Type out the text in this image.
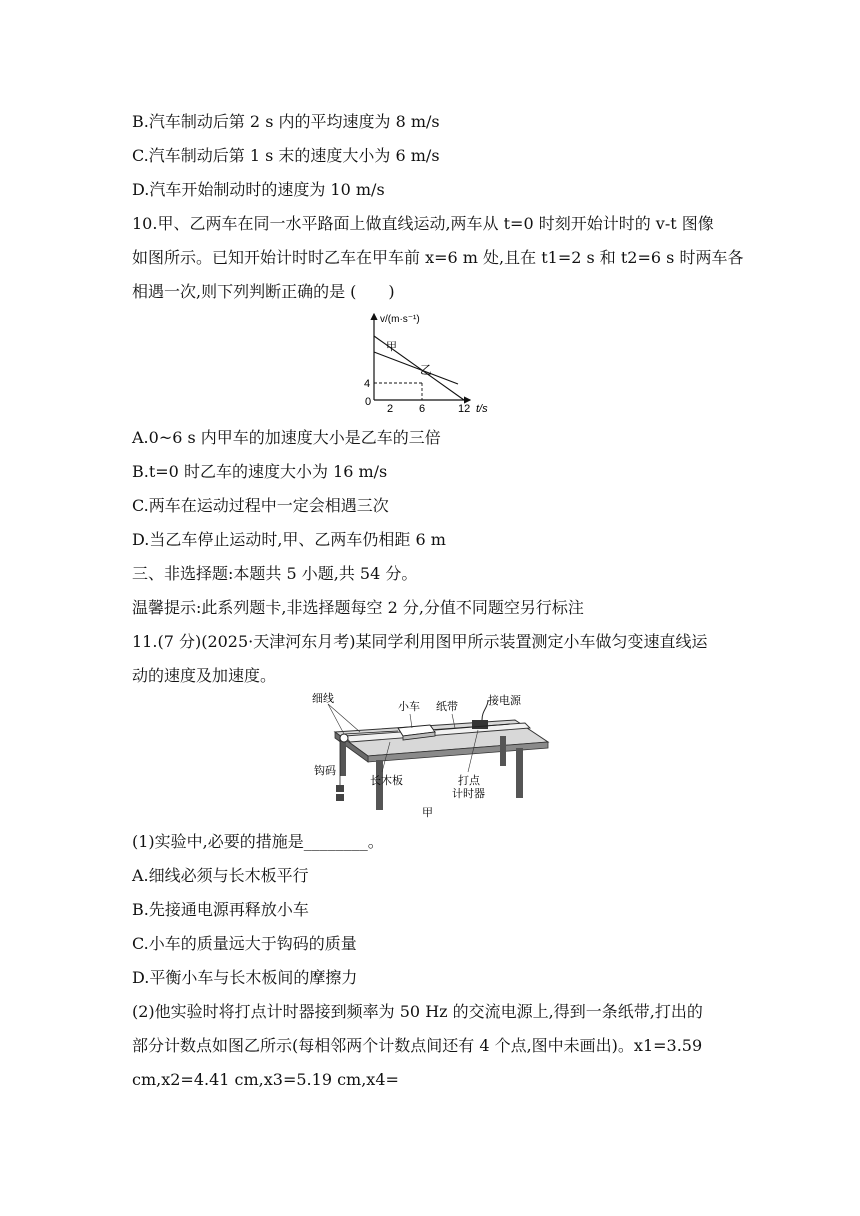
B.汽车制动后第 2 s 内的平均速度为 8 m/s
C.汽车制动后第 1 s 末的速度大小为 6 m/s
D.汽车开始制动时的速度为 10 m/s
10.甲、乙两车在同一水平路面上做直线运动,两车从 t=0 时刻开始计时的 v-t 图像
如图所示。已知开始计时时乙车在甲车前 x=6 m 处,且在 t1=2 s 和 t2=6 s 时两车各
相遇一次,则下列判断正确的是 (　　)
v/(m·s⁻¹)
t/s
0
2 6	12
4
甲
乙
A.0~6 s 内甲车的加速度大小是乙车的三倍
B.t=0 时乙车的速度大小为 16 m/s
C.两车在运动过程中一定会相遇三次
D.当乙车停止运动时,甲、乙两车仍相距 6 m
三、非选择题:本题共 5 小题,共 54 分。
温馨提示:此系列题卡,非选择题每空 2 分,分值不同题空另行标注
11.(7 分)(2025·天津河东月考)某同学利用图甲所示装置测定小车做匀变速直线运
动的速度及加速度。
细线
小车 纸带	接电源
钩码
长木板	打点
计时器
甲
(1)实验中,必要的措施是________。
A.细线必须与长木板平行
B.先接通电源再释放小车
C.小车的质量远大于钩码的质量
D.平衡小车与长木板间的摩擦力
(2)他实验时将打点计时器接到频率为 50 Hz 的交流电源上,得到一条纸带,打出的
部分计数点如图乙所示(每相邻两个计数点间还有 4 个点,图中未画出)。x1=3.59
cm,x2=4.41 cm,x3=5.19 cm,x4=
